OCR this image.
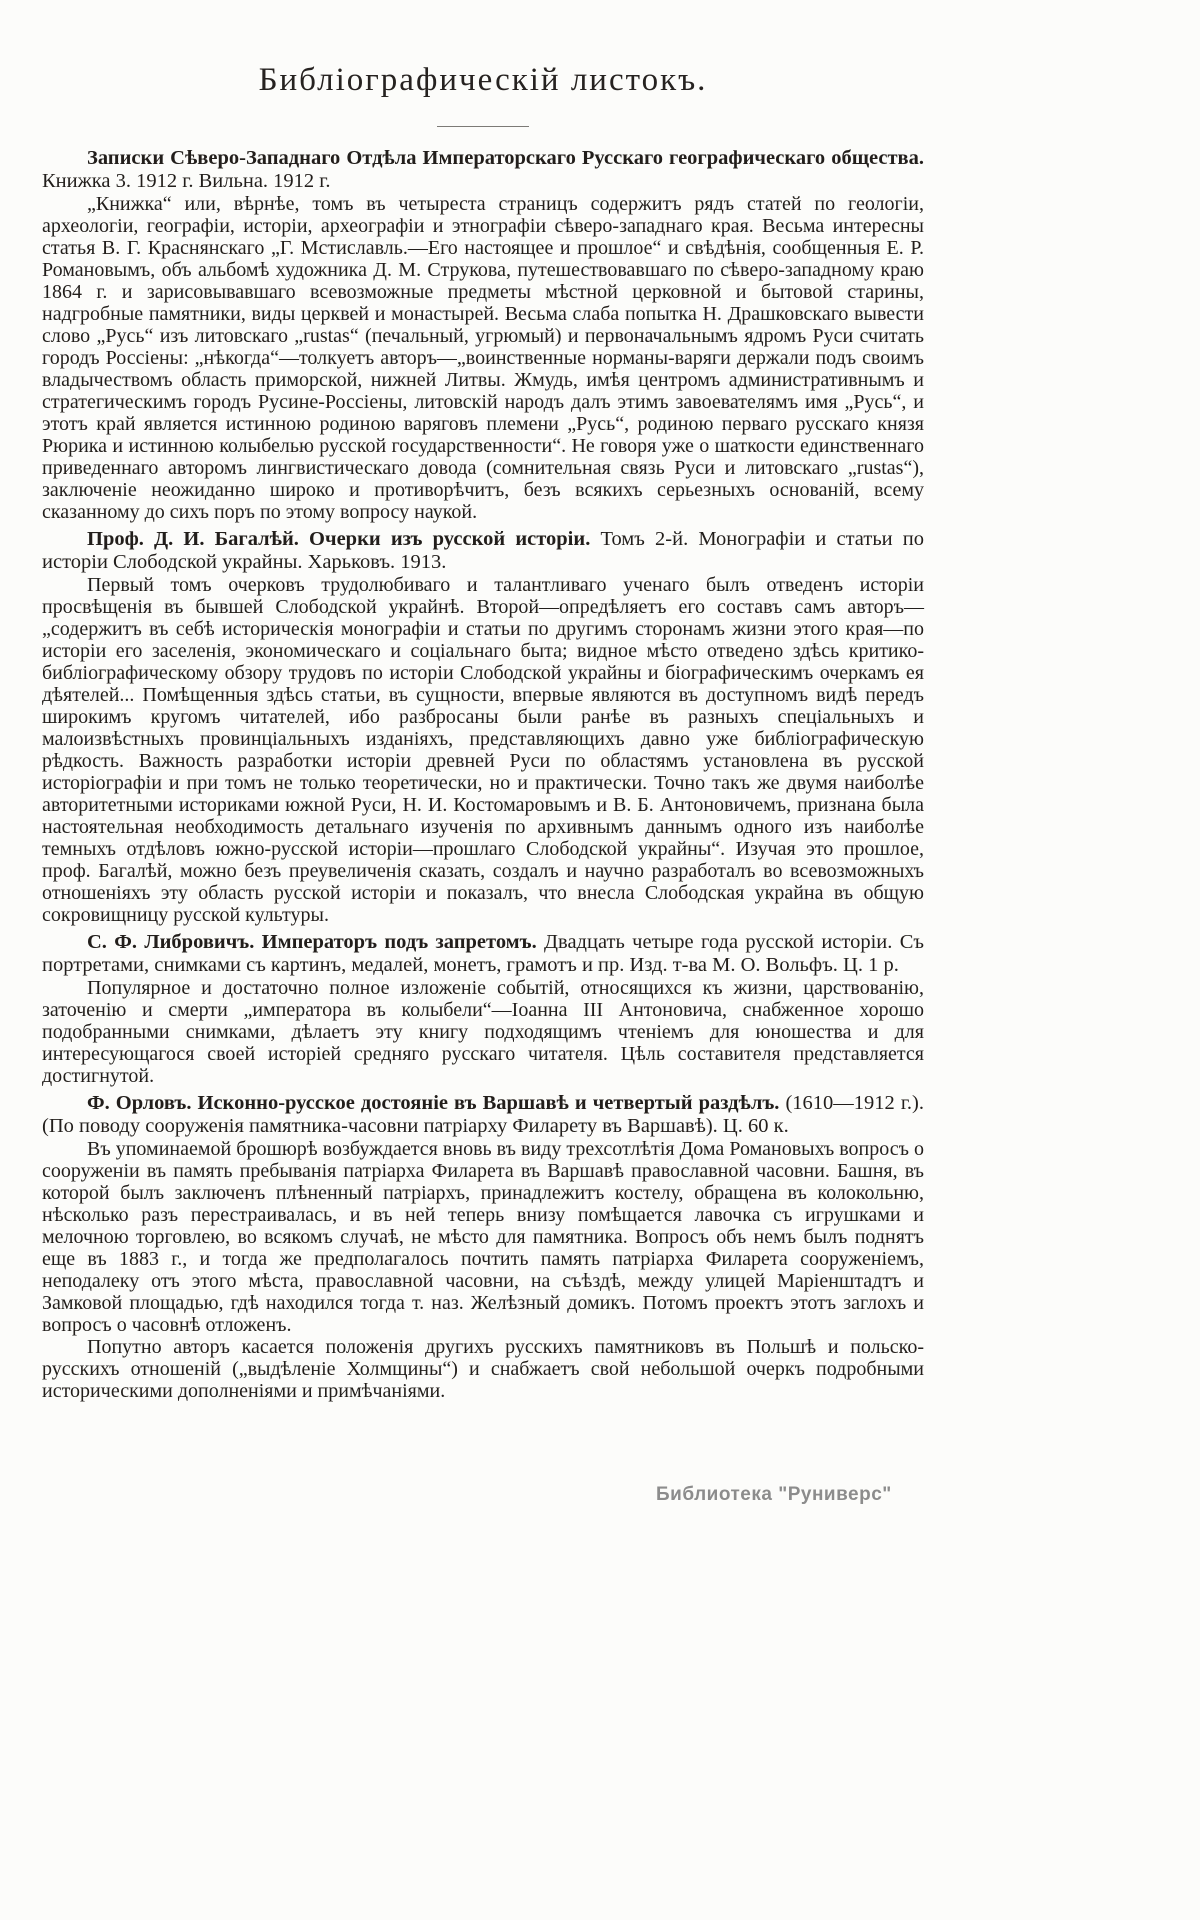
Библіографическій листокъ.

Записки Сѣверо-Западнаго Отдѣла Императорскаго Русскаго географическаго общества. Книжка 3. 1912 г. Вильна. 1912 г.

„Книжка“ или, вѣрнѣе, томъ въ четыреста страницъ содержитъ рядъ статей по геологіи, археологіи, географіи, исторіи, археографіи и этнографіи сѣверо-западнаго края. Весьма интересны статья В. Г. Краснянскаго „Г. Мстиславль.—Его настоящее и прошлое“ и свѣдѣнія, сообщенныя Е. Р. Романовымъ, объ альбомѣ художника Д. М. Струкова, путешествовавшаго по сѣверо-западному краю 1864 г. и зарисовывавшаго всевозможные предметы мѣстной церковной и бытовой старины, надгробные памятники, виды церквей и монастырей. Весьма слаба попытка Н. Драшковскаго вывести слово „Русь“ изъ литовскаго „rustas“ (печальный, угрюмый) и первоначальнымъ ядромъ Руси считать городъ Россіены: „нѣкогда“—толкуетъ авторъ—„воинственные норманы-варяги держали подъ своимъ владычествомъ область приморской, нижней Литвы. Жмудь, имѣя центромъ административнымъ и стратегическимъ городъ Русине-Россіены, литовскій народъ далъ этимъ завоевателямъ имя „Русь“, и этотъ край является истинною родиною варяговъ племени „Русь“, родиною перваго русскаго князя Рюрика и истинною колыбелью русской государственности“. Не говоря уже о шаткости единственнаго приведеннаго авторомъ лингвистическаго довода (сомнительная связь Руси и литовскаго „rustas“), заключеніе неожиданно широко и противорѣчитъ, безъ всякихъ серьезныхъ основаній, всему сказанному до сихъ поръ по этому вопросу наукой.

Проф. Д. И. Багалѣй. Очерки изъ русской исторіи. Томъ 2-й. Монографіи и статьи по исторіи Слободской украйны. Харьковъ. 1913.

Первый томъ очерковъ трудолюбиваго и талантливаго ученаго былъ отведенъ исторіи просвѣщенія въ бывшей Слободской украйнѣ. Второй—опредѣляетъ его составъ самъ авторъ—„содержитъ въ себѣ историческія монографіи и статьи по другимъ сторонамъ жизни этого края—по исторіи его заселенія, экономическаго и соціальнаго быта; видное мѣсто отведено здѣсь критико-библіографическому обзору трудовъ по исторіи Слободской украйны и біографическимъ очеркамъ ея дѣятелей... Помѣщенныя здѣсь статьи, въ сущности, впервые являются въ доступномъ видѣ передъ широкимъ кругомъ читателей, ибо разбросаны были ранѣе въ разныхъ спеціальныхъ и малоизвѣстныхъ провинціальныхъ изданіяхъ, представляющихъ давно уже библіографическую рѣдкость. Важность разработки исторіи древней Руси по областямъ установлена въ русской исторіографіи и при томъ не только теоретически, но и практически. Точно такъ же двумя наиболѣе авторитетными историками южной Руси, Н. И. Костомаровымъ и В. Б. Антоновичемъ, признана была настоятельная необходимость детальнаго изученія по архивнымъ даннымъ одного изъ наиболѣе темныхъ отдѣловъ южно-русской исторіи—прошлаго Слободской украйны“. Изучая это прошлое, проф. Багалѣй, можно безъ преувеличенія сказать, создалъ и научно разработалъ во всевозможныхъ отношеніяхъ эту область русской исторіи и показалъ, что внесла Слободская украйна въ общую сокровищницу русской культуры.

С. Ф. Либровичъ. Императоръ подъ запретомъ. Двадцать четыре года русской исторіи. Съ портретами, снимками съ картинъ, медалей, монетъ, грамотъ и пр. Изд. т-ва М. О. Вольфъ. Ц. 1 р.

Популярное и достаточно полное изложеніе событій, относящихся къ жизни, царствованію, заточенію и смерти „императора въ колыбели“—Іоанна III Антоновича, снабженное хорошо подобранными снимками, дѣлаетъ эту книгу подходящимъ чтеніемъ для юношества и для интересующагося своей исторіей средняго русскаго читателя. Цѣль составителя представляется достигнутой.

Ф. Орловъ. Исконно-русское достояніе въ Варшавѣ и четвертый раздѣлъ. (1610—1912 г.). (По поводу сооруженія памятника-часовни патріарху Филарету въ Варшавѣ). Ц. 60 к.

Въ упоминаемой брошюрѣ возбуждается вновь въ виду трехсотлѣтія Дома Романовыхъ вопросъ о сооруженіи въ память пребыванія патріарха Филарета въ Варшавѣ православной часовни. Башня, въ которой былъ заключенъ плѣненный патріархъ, принадлежитъ костелу, обращена въ колокольню, нѣсколько разъ перестраивалась, и въ ней теперь внизу помѣщается лавочка съ игрушками и мелочною торговлею, во всякомъ случаѣ, не мѣсто для памятника. Вопросъ объ немъ былъ поднятъ еще въ 1883 г., и тогда же предполагалось почтить память патріарха Филарета сооруженіемъ, неподалеку отъ этого мѣста, православной часовни, на съѣздѣ, между улицей Маріенштадтъ и Замковой площадью, гдѣ находился тогда т. наз. Желѣзный домикъ. Потомъ проектъ этотъ заглохъ и вопросъ о часовнѣ отложенъ.

Попутно авторъ касается положенія другихъ русскихъ памятниковъ въ Польшѣ и польско-русскихъ отношеній („выдѣленіе Холмщины“) и снабжаетъ свой небольшой очеркъ подробными историческими дополненіями и примѣчаніями.

Библиотека "Руниверс"
